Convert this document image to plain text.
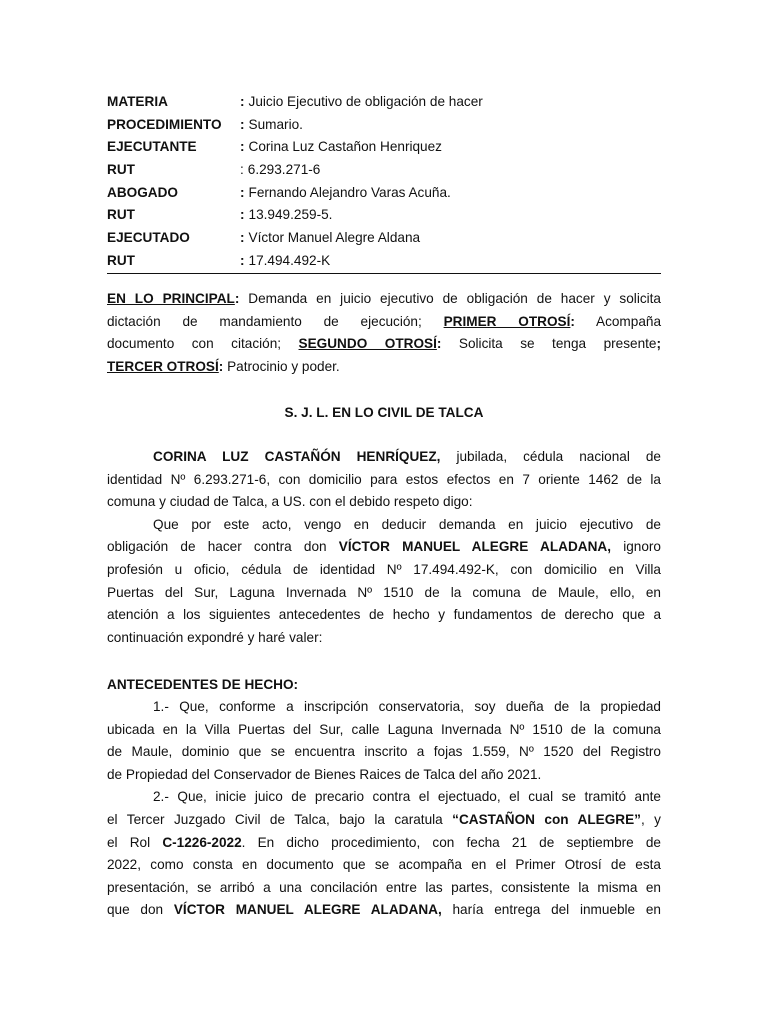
MATERIA	: Juicio Ejecutivo de obligación de hacer
PROCEDIMIENTO	: Sumario.
EJECUTANTE	: Corina Luz Castañon Henriquez
RUT	: 6.293.271-6
ABOGADO	: Fernando Alejandro Varas Acuña.
RUT	: 13.949.259-5.
EJECUTADO	: Víctor Manuel Alegre Aldana
RUT	: 17.494.492-K
EN LO PRINCIPAL: Demanda en juicio ejecutivo de obligación de hacer y solicita
dictación de mandamiento de ejecución; PRIMER OTROSÍ: Acompaña
documento con citación; SEGUNDO OTROSÍ: Solicita se tenga presente;
TERCER OTROSÍ: Patrocinio y poder.
S. J. L. EN LO CIVIL DE TALCA
CORINA LUZ CASTAÑÓN HENRÍQUEZ, jubilada, cédula nacional de
identidad Nº 6.293.271-6, con domicilio para estos efectos en 7 oriente 1462 de la
comuna y ciudad de Talca, a US. con el debido respeto digo:
Que por este acto, vengo en deducir demanda en juicio ejecutivo de
obligación de hacer contra don VÍCTOR MANUEL ALEGRE ALADANA, ignoro
profesión u oficio, cédula de identidad Nº 17.494.492-K, con domicilio en Villa
Puertas del Sur, Laguna Invernada Nº 1510 de la comuna de Maule, ello, en
atención a los siguientes antecedentes de hecho y fundamentos de derecho que a
continuación expondré y haré valer:
ANTECEDENTES DE HECHO:
1.- Que, conforme a inscripción conservatoria, soy dueña de la propiedad
ubicada en la Villa Puertas del Sur, calle Laguna Invernada Nº 1510 de la comuna
de Maule, dominio que se encuentra inscrito a fojas 1.559, Nº 1520 del Registro
de Propiedad del Conservador de Bienes Raices de Talca del año 2021.
2.- Que, inicie juico de precario contra el ejectuado, el cual se tramitó ante
el Tercer Juzgado Civil de Talca, bajo la caratula “CASTAÑON con ALEGRE”, y
el Rol C-1226-2022. En dicho procedimiento, con fecha 21 de septiembre de
2022, como consta en documento que se acompaña en el Primer Otrosí de esta
presentación, se arribó a una concilación entre las partes, consistente la misma en
que don VÍCTOR MANUEL ALEGRE ALADANA, haría entrega del inmueble en
